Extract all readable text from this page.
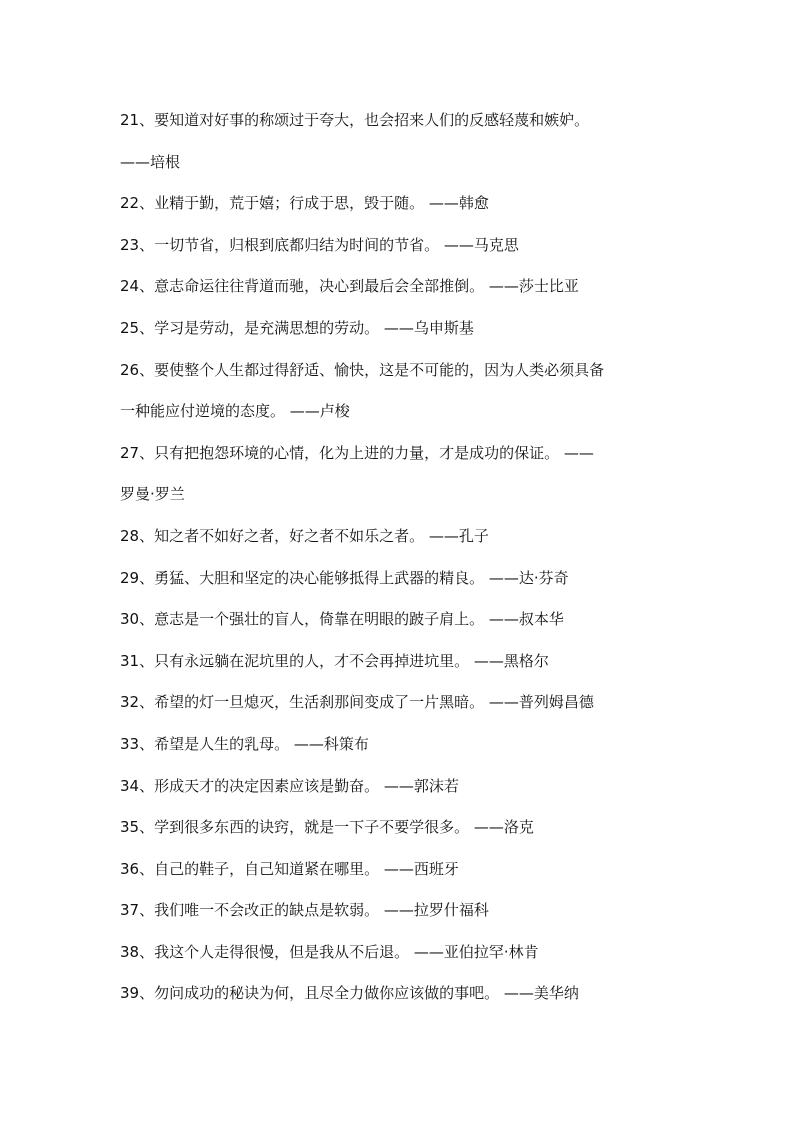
21、要知道对好事的称颂过于夸大，也会招来人们的反感轻蔑和嫉妒。
——培根
22、业精于勤，荒于嬉；行成于思，毁于随。 ——韩愈
23、一切节省，归根到底都归结为时间的节省。 ——马克思
24、意志命运往往背道而驰，决心到最后会全部推倒。 ——莎士比亚
25、学习是劳动，是充满思想的劳动。 ——乌申斯基
26、要使整个人生都过得舒适、愉快，这是不可能的，因为人类必须具备
一种能应付逆境的态度。 ——卢梭
27、只有把抱怨环境的心情，化为上进的力量，才是成功的保证。 ——
罗曼·罗兰
28、知之者不如好之者，好之者不如乐之者。 ——孔子
29、勇猛、大胆和坚定的决心能够抵得上武器的精良。 ——达·芬奇
30、意志是一个强壮的盲人，倚靠在明眼的跛子肩上。 ——叔本华
31、只有永远躺在泥坑里的人，才不会再掉进坑里。 ——黑格尔
32、希望的灯一旦熄灭，生活刹那间变成了一片黑暗。 ——普列姆昌德
33、希望是人生的乳母。 ——科策布
34、形成天才的决定因素应该是勤奋。 ——郭沫若
35、学到很多东西的诀窍，就是一下子不要学很多。 ——洛克
36、自己的鞋子，自己知道紧在哪里。 ——西班牙
37、我们唯一不会改正的缺点是软弱。 ——拉罗什福科
38、我这个人走得很慢，但是我从不后退。 ——亚伯拉罕·林肯
39、勿问成功的秘诀为何，且尽全力做你应该做的事吧。 ——美华纳
